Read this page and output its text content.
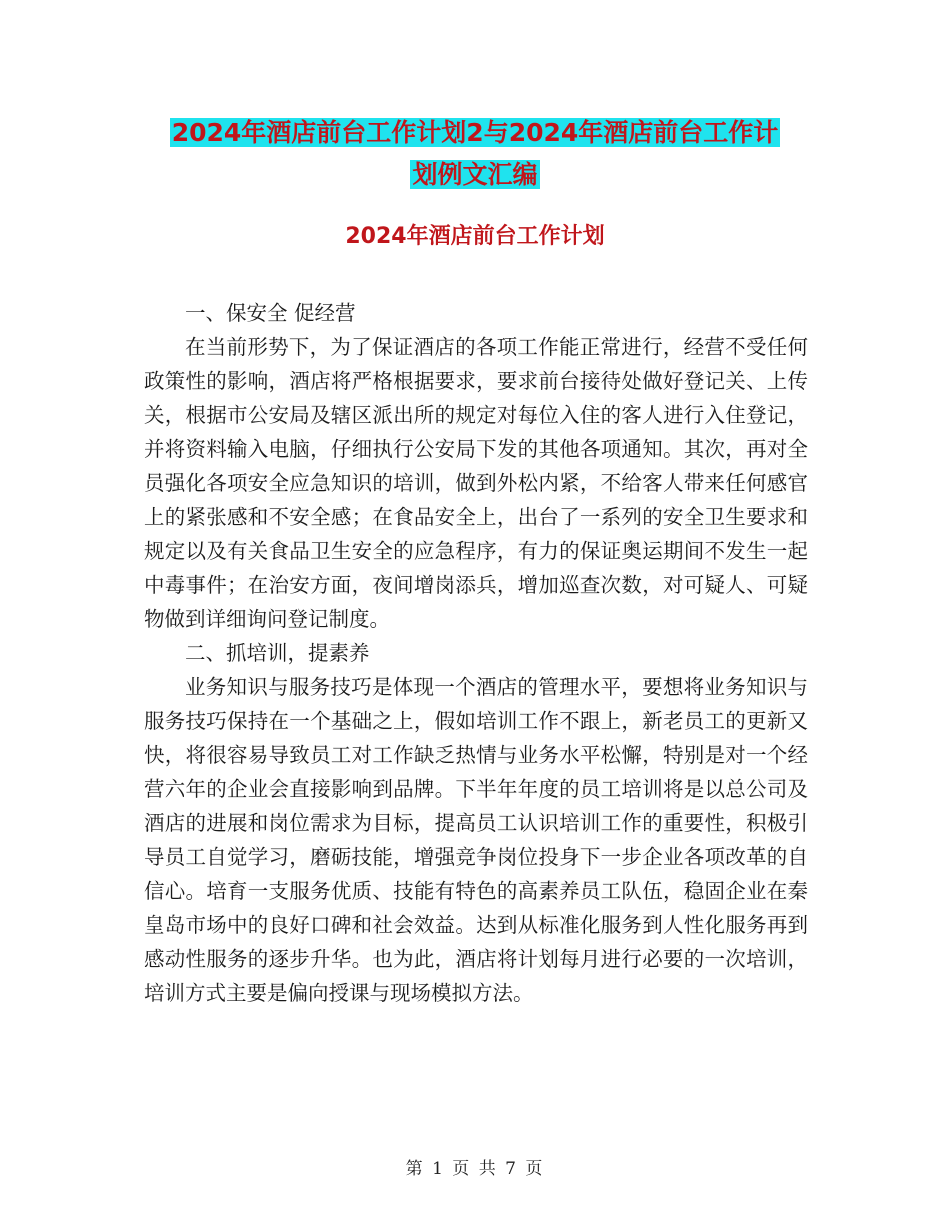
2024年酒店前台工作计划2与2024年酒店前台工作计
划例文汇编
2024年酒店前台工作计划

一、保安全 促经营

在当前形势下，为了保证酒店的各项工作能正常进行，经营不受任何政策性的影响，酒店将严格根据要求，要求前台接待处做好登记关、上传关，根据市公安局及辖区派出所的规定对每位入住的客人进行入住登记，并将资料输入电脑，仔细执行公安局下发的其他各项通知。其次，再对全员强化各项安全应急知识的培训，做到外松内紧，不给客人带来任何感官上的紧张感和不安全感；在食品安全上，出台了一系列的安全卫生要求和规定以及有关食品卫生安全的应急程序，有力的保证奥运期间不发生一起中毒事件；在治安方面，夜间增岗添兵，增加巡查次数，对可疑人、可疑物做到详细询问登记制度。

二、抓培训，提素养

业务知识与服务技巧是体现一个酒店的管理水平，要想将业务知识与服务技巧保持在一个基础之上，假如培训工作不跟上，新老员工的更新又快，将很容易导致员工对工作缺乏热情与业务水平松懈，特别是对一个经营六年的企业会直接影响到品牌。下半年年度的员工培训将是以总公司及酒店的进展和岗位需求为目标，提高员工认识培训工作的重要性，积极引导员工自觉学习，磨砺技能，增强竞争岗位投身下一步企业各项改革的自信心。培育一支服务优质、技能有特色的高素养员工队伍，稳固企业在秦皇岛市场中的良好口碑和社会效益。达到从标准化服务到人性化服务再到感动性服务的逐步升华。也为此，酒店将计划每月进行必要的一次培训，培训方式主要是偏向授课与现场模拟方法。

第 1 页 共 7 页
